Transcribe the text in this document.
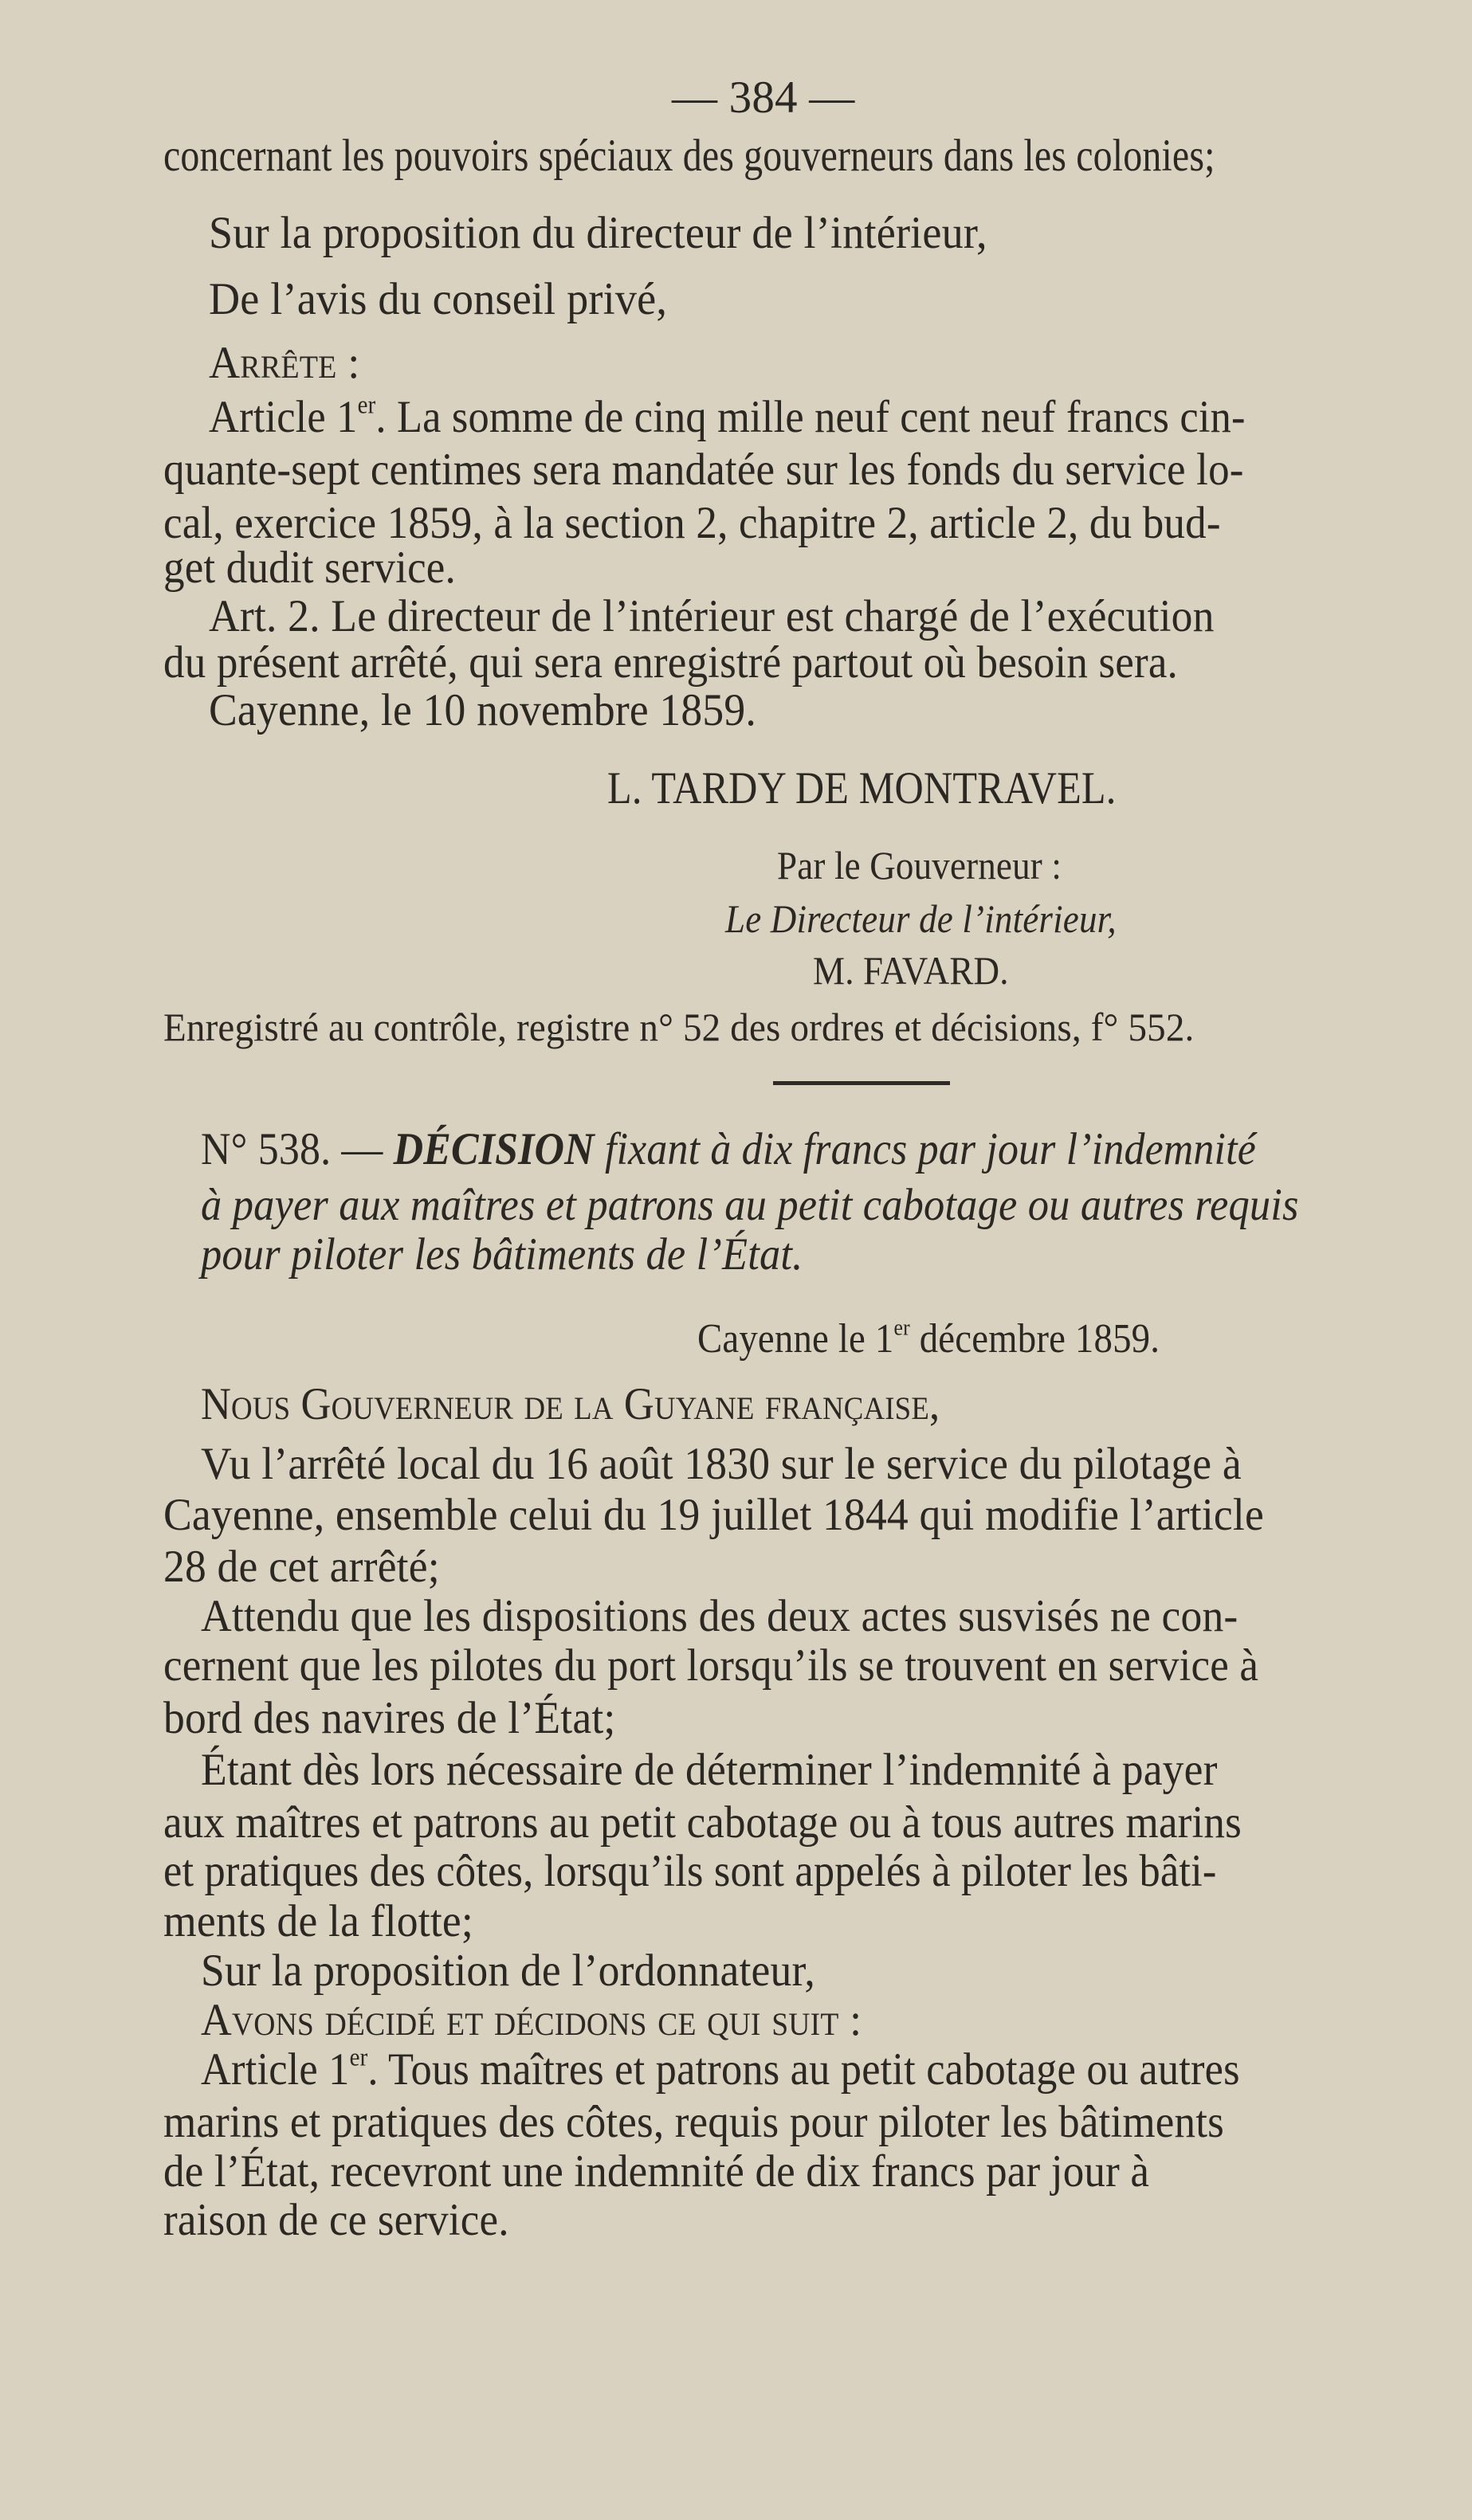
— 384 —
concernant les pouvoirs spéciaux des gouverneurs dans les colonies;
Sur la proposition du directeur de l’intérieur,
De l’avis du conseil privé,
Arrête :
Article 1er. La somme de cinq mille neuf cent neuf francs cin-
quante-sept centimes sera mandatée sur les fonds du service lo-
cal, exercice 1859, à la section 2, chapitre 2, article 2, du bud-
get dudit service.
Art. 2. Le directeur de l’intérieur est chargé de l’exécution
du présent arrêté, qui sera enregistré partout où besoin sera.
Cayenne, le 10 novembre 1859.
L. TARDY DE MONTRAVEL.
Par le Gouverneur :
Le Directeur de l’intérieur,
M. FAVARD.
Enregistré au contrôle, registre n° 52 des ordres et décisions, f° 552.
N° 538. — DÉCISION fixant à dix francs par jour l’indemnité
à payer aux maîtres et patrons au petit cabotage ou autres requis
pour piloter les bâtiments de l’État.
Cayenne le 1er décembre 1859.
Nous Gouverneur de la Guyane française,
Vu l’arrêté local du 16 août 1830 sur le service du pilotage à
Cayenne, ensemble celui du 19 juillet 1844 qui modifie l’article
28 de cet arrêté;
Attendu que les dispositions des deux actes susvisés ne con-
cernent que les pilotes du port lorsqu’ils se trouvent en service à
bord des navires de l’État;
Étant dès lors nécessaire de déterminer l’indemnité à payer
aux maîtres et patrons au petit cabotage ou à tous autres marins
et pratiques des côtes, lorsqu’ils sont appelés à piloter les bâti-
ments de la flotte;
Sur la proposition de l’ordonnateur,
Avons décidé et décidons ce qui suit :
Article 1er. Tous maîtres et patrons au petit cabotage ou autres
marins et pratiques des côtes, requis pour piloter les bâtiments
de l’État, recevront une indemnité de dix francs par jour à
raison de ce service.
